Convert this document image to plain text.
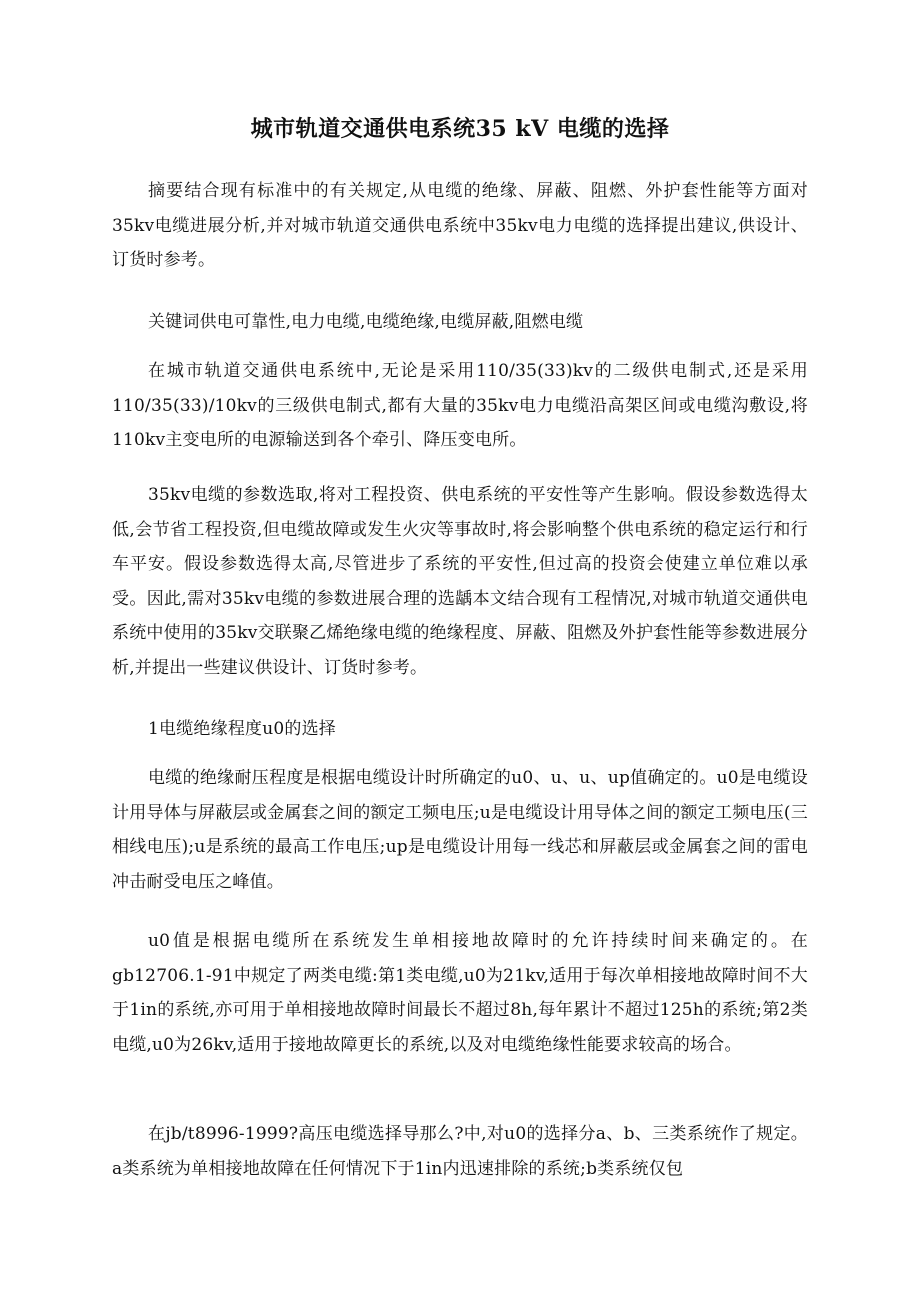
城市轨道交通供电系统35 kV 电缆的选择

摘要结合现有标准中的有关规定,从电缆的绝缘、屏蔽、阻燃、外护套性能等方面对35kv电缆进展分析,并对城市轨道交通供电系统中35kv电力电缆的选择提出建议,供设计、订货时参考。

关键词供电可靠性,电力电缆,电缆绝缘,电缆屏蔽,阻燃电缆

在城市轨道交通供电系统中,无论是采用110/35(33)kv的二级供电制式,还是采用110/35(33)/10kv的三级供电制式,都有大量的35kv电力电缆沿高架区间或电缆沟敷设,将110kv主变电所的电源输送到各个牵引、降压变电所。

35kv电缆的参数选取,将对工程投资、供电系统的平安性等产生影响。假设参数选得太低,会节省工程投资,但电缆故障或发生火灾等事故时,将会影响整个供电系统的稳定运行和行车平安。假设参数选得太高,尽管进步了系统的平安性,但过高的投资会使建立单位难以承受。因此,需对35kv电缆的参数进展合理的选龋本文结合现有工程情况,对城市轨道交通供电系统中使用的35kv交联聚乙烯绝缘电缆的绝缘程度、屏蔽、阻燃及外护套性能等参数进展分析,并提出一些建议供设计、订货时参考。

1电缆绝缘程度u0的选择

电缆的绝缘耐压程度是根据电缆设计时所确定的u0、u、u、up值确定的。u0是电缆设计用导体与屏蔽层或金属套之间的额定工频电压;u是电缆设计用导体之间的额定工频电压(三相线电压);u是系统的最高工作电压;up是电缆设计用每一线芯和屏蔽层或金属套之间的雷电冲击耐受电压之峰值。

u0值是根据电缆所在系统发生单相接地故障时的允许持续时间来确定的。在gb12706.1-91中规定了两类电缆:第1类电缆,u0为21kv,适用于每次单相接地故障时间不大于1in的系统,亦可用于单相接地故障时间最长不超过8h,每年累计不超过125h的系统;第2类电缆,u0为26kv,适用于接地故障更长的系统,以及对电缆绝缘性能要求较高的场合。

在jb/t8996-1999?高压电缆选择导那么?中,对u0的选择分a、b、三类系统作了规定。a类系统为单相接地故障在任何情况下于1in内迅速排除的系统;b类系统仅包
